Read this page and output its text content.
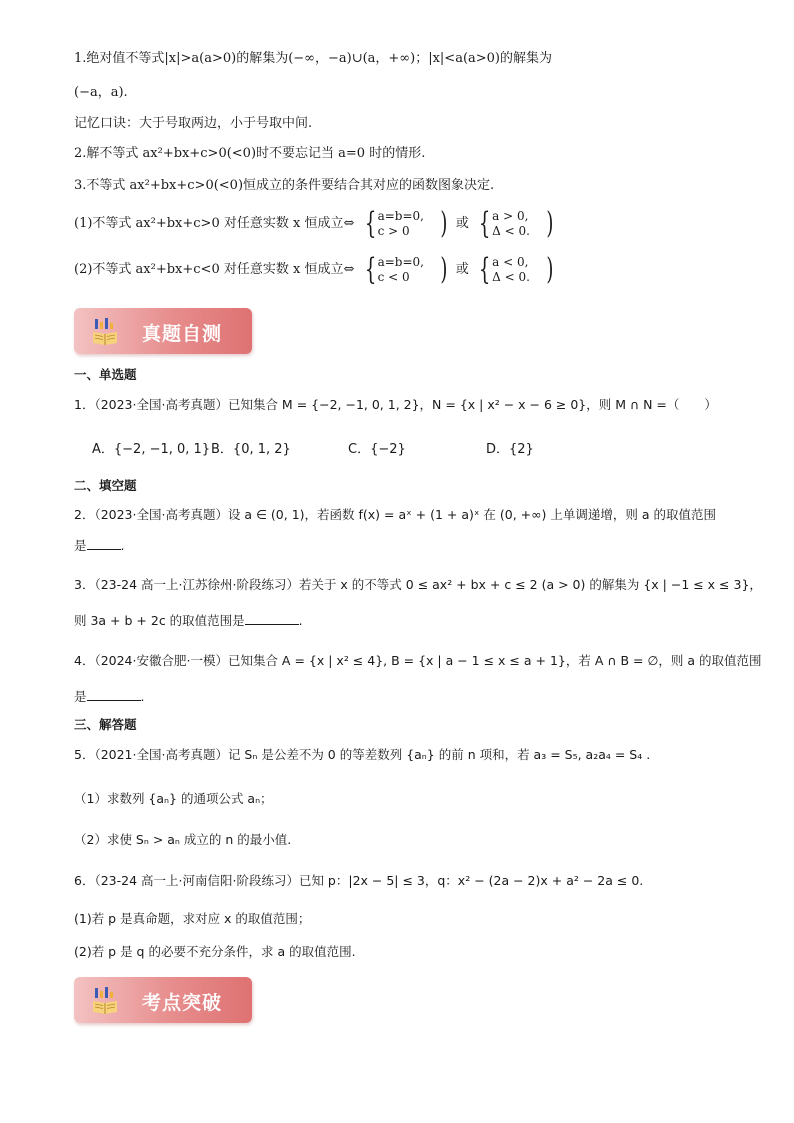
1.绝对值不等式|x|>a(a>0)的解集为(−∞，−a)∪(a，+∞)；|x|<a(a>0)的解集为
(−a，a).
记忆口诀：大于号取两边，小于号取中间.
2.解不等式 ax²+bx+c>0(<0)时不要忘记当 a=0 时的情形.
3.不等式 ax²+bx+c>0(<0)恒成立的条件要结合其对应的函数图象决定.
(1)不等式 ax²+bx+c>0 对任意实数 x 恒成立⇔ { a=b=0,
c > 0	) 或 { a > 0,
Δ < 0. )
(2)不等式 ax²+bx+c<0 对任意实数 x 恒成立⇔ { a=b=0,
c < 0	) 或 { a < 0,
Δ < 0. )
真题自测
一、单选题
1．（2023·全国·高考真题）已知集合 M = {−2, −1, 0, 1, 2}，N = {x | x² − x − 6 ≥ 0}，则 M ∩ N =（　　）
A．{−2, −1, 0, 1} B．{0, 1, 2}	C．{−2}	D．{2}
二、填空题
2．（2023·全国·高考真题）设 a ∈ (0, 1)，若函数 f(x) = aˣ + (1 + a)ˣ 在 (0, +∞) 上单调递增，则 a 的取值范围
是	.
3．（23-24 高一上·江苏徐州·阶段练习）若关于 x 的不等式 0 ≤ ax² + bx + c ≤ 2 (a > 0) 的解集为 {x | −1 ≤ x ≤ 3}，
则 3a + b + 2c 的取值范围是	.
4．（2024·安徽合肥·一模）已知集合 A = {x | x² ≤ 4}, B = {x | a − 1 ≤ x ≤ a + 1}，若 A ∩ B = ∅，则 a 的取值范围
是	.
三、解答题
5．（2021·全国·高考真题）记 Sₙ 是公差不为 0 的等差数列 {aₙ} 的前 n 项和，若 a₃ = S₅, a₂a₄ = S₄ .
（1）求数列 {aₙ} 的通项公式 aₙ；
（2）求使 Sₙ > aₙ 成立的 n 的最小值.
6．（23-24 高一上·河南信阳·阶段练习）已知 p：|2x − 5| ≤ 3，q：x² − (2a − 2)x + a² − 2a ≤ 0.
(1)若 p 是真命题，求对应 x 的取值范围；
(2)若 p 是 q 的必要不充分条件，求 a 的取值范围.
考点突破
